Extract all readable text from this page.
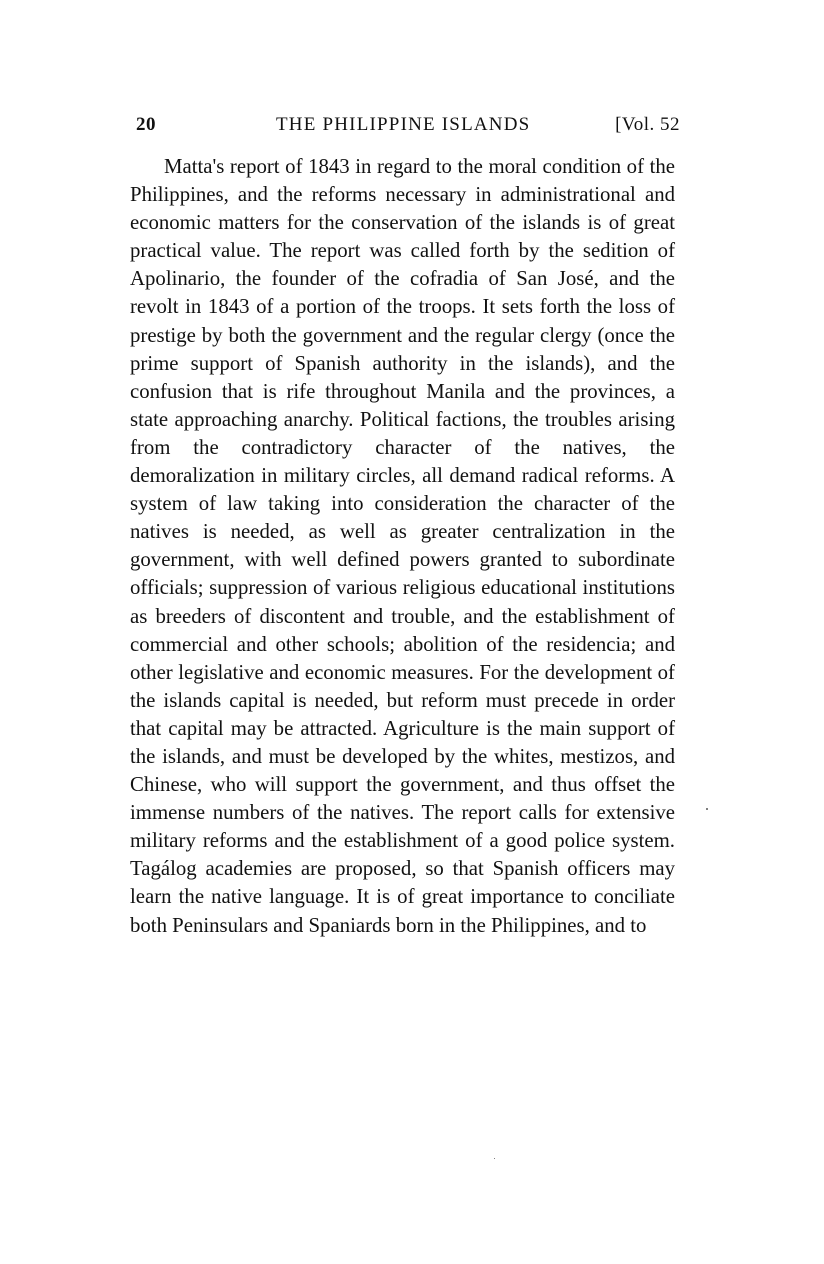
20	THE PHILIPPINE ISLANDS	[Vol. 52

Matta's report of 1843 in regard to the moral condition of the Philippines, and the reforms necessary in administrational and economic matters for the conservation of the islands is of great practical value. The report was called forth by the sedition of Apolinario, the founder of the cofradia of San José, and the revolt in 1843 of a portion of the troops. It sets forth the loss of prestige by both the government and the regular clergy (once the prime support of Spanish authority in the islands), and the confusion that is rife throughout Manila and the provinces, a state approaching anarchy. Political factions, the troubles arising from the contradictory character of the natives, the demoralization in military circles, all demand radical reforms. A system of law taking into consideration the character of the natives is needed, as well as greater centralization in the government, with well defined powers granted to subordinate officials; suppression of various religious educational institutions as breeders of discontent and trouble, and the establishment of commercial and other schools; abolition of the residencia; and other legislative and economic measures. For the development of the islands capital is needed, but reform must precede in order that capital may be attracted. Agriculture is the main support of the islands, and must be developed by the whites, mestizos, and Chinese, who will support the government, and thus offset the immense numbers of the natives. The report calls for extensive military reforms and the establishment of a good police system. Tagálog academies are proposed, so that Spanish officers may learn the native language. It is of great importance to conciliate both Peninsulars and Spaniards born in the Philippines, and to
